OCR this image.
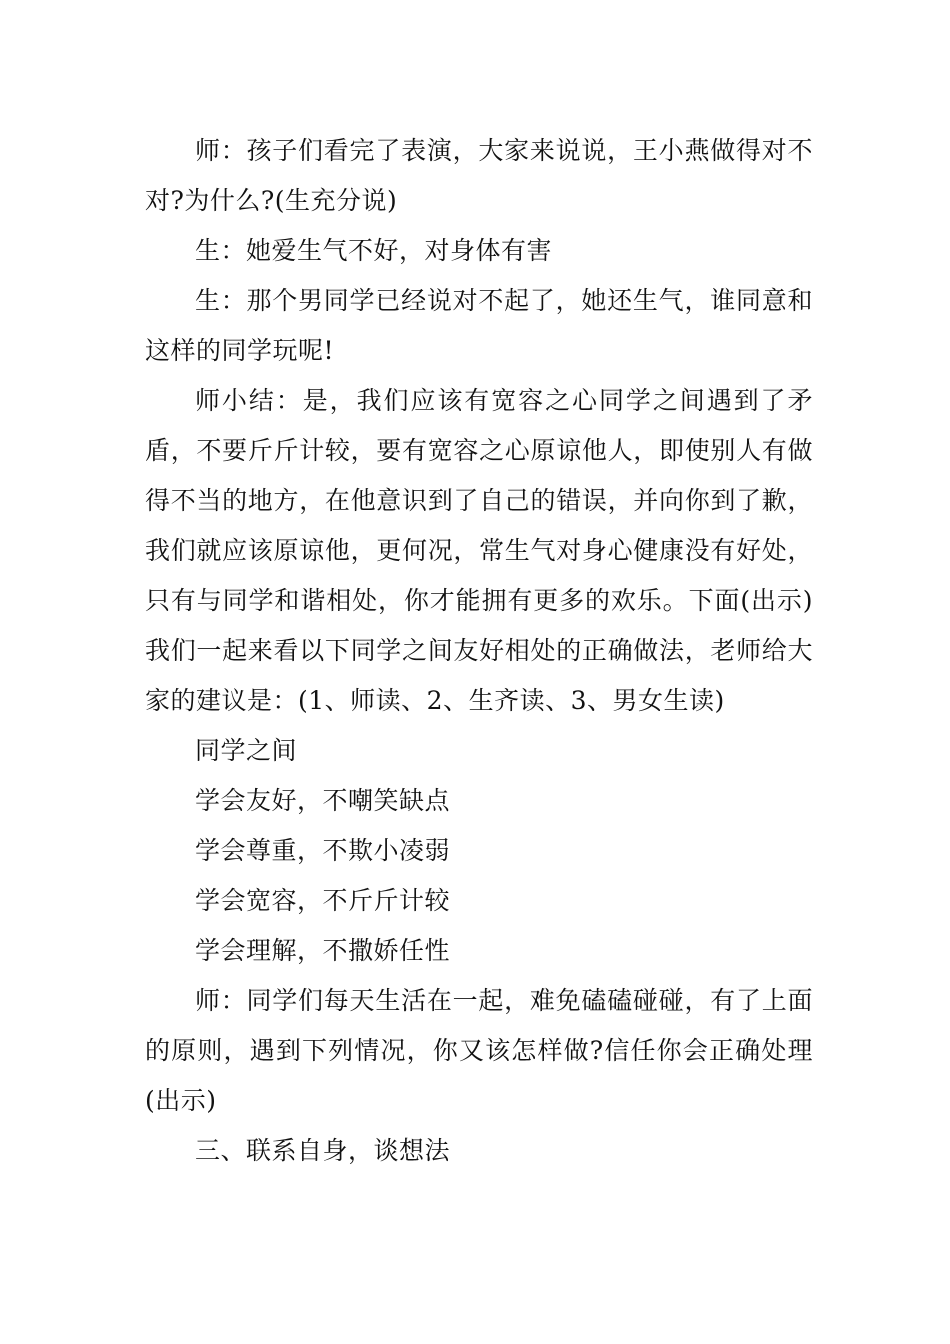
师：孩子们看完了表演，大家来说说，王小燕做得对不对?为什么?(生充分说)

生：她爱生气不好，对身体有害

生：那个男同学已经说对不起了，她还生气，谁同意和这样的同学玩呢!

师小结：是，我们应该有宽容之心同学之间遇到了矛盾，不要斤斤计较，要有宽容之心原谅他人，即使别人有做得不当的地方，在他意识到了自己的错误，并向你到了歉，我们就应该原谅他，更何况，常生气对身心健康没有好处，只有与同学和谐相处，你才能拥有更多的欢乐。下面(出示)我们一起来看以下同学之间友好相处的正确做法，老师给大家的建议是：(1、师读、2、生齐读、3、男女生读)

同学之间

学会友好，不嘲笑缺点

学会尊重，不欺小凌弱

学会宽容，不斤斤计较

学会理解，不撒娇任性

师：同学们每天生活在一起，难免磕磕碰碰，有了上面的原则，遇到下列情况，你又该怎样做?信任你会正确处理(出示)

三、联系自身，谈想法
